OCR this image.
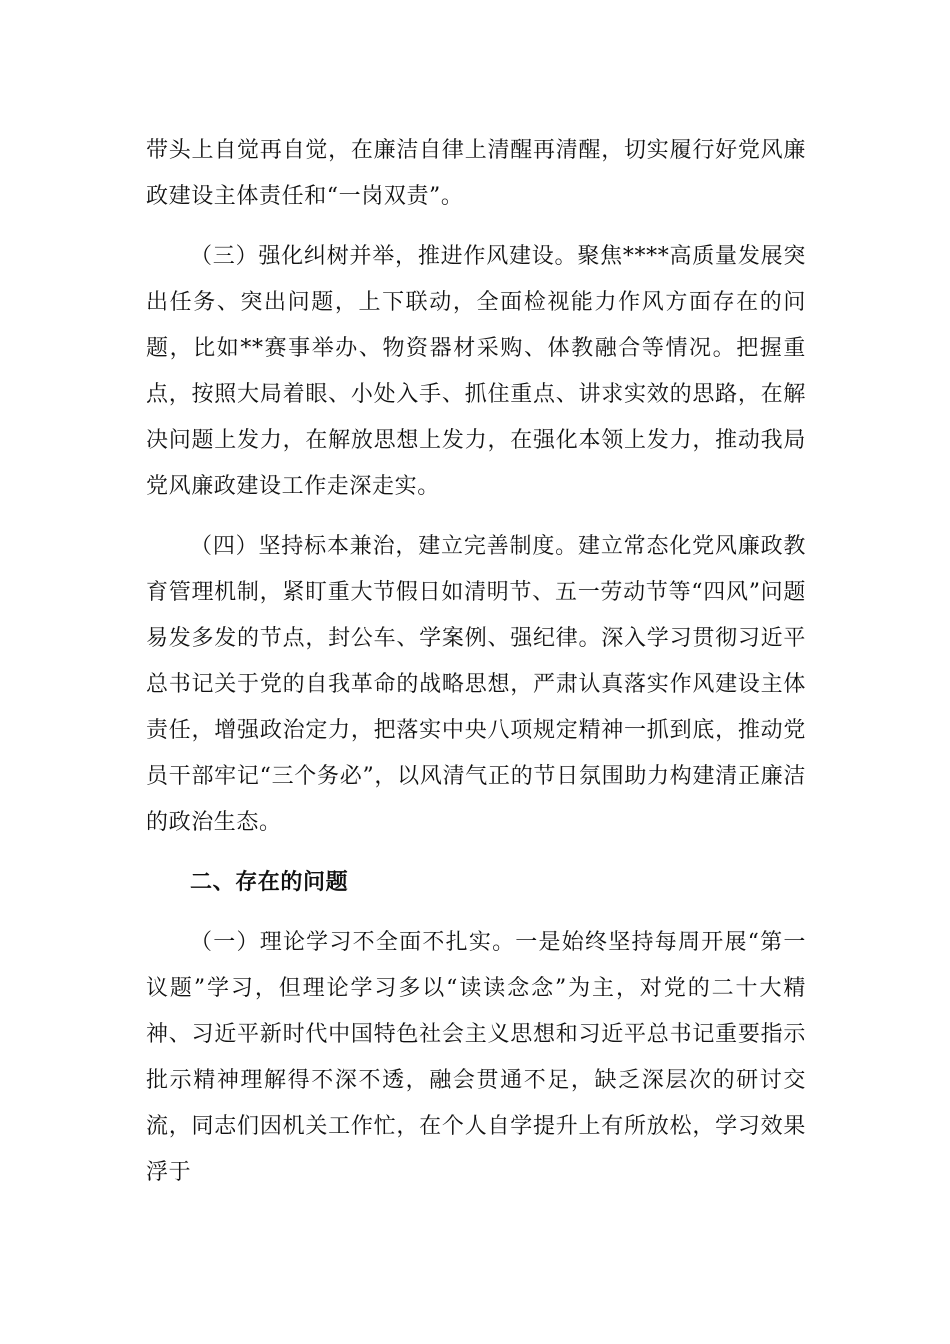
带头上自觉再自觉，在廉洁自律上清醒再清醒，切实履行好党风廉政建设主体责任和“一岗双责”。

（三）强化纠树并举，推进作风建设。聚焦****高质量发展突出任务、突出问题，上下联动，全面检视能力作风方面存在的问题，比如**赛事举办、物资器材采购、体教融合等情况。把握重点，按照大局着眼、小处入手、抓住重点、讲求实效的思路，在解决问题上发力，在解放思想上发力，在强化本领上发力，推动我局党风廉政建设工作走深走实。

（四）坚持标本兼治，建立完善制度。建立常态化党风廉政教育管理机制，紧盯重大节假日如清明节、五一劳动节等“四风”问题易发多发的节点，封公车、学案例、强纪律。深入学习贯彻习近平总书记关于党的自我革命的战略思想，严肃认真落实作风建设主体责任，增强政治定力，把落实中央八项规定精神一抓到底，推动党员干部牢记“三个务必”，以风清气正的节日氛围助力构建清正廉洁的政治生态。

二、存在的问题

（一）理论学习不全面不扎实。一是始终坚持每周开展“第一议题”学习，但理论学习多以“读读念念”为主，对党的二十大精神、习近平新时代中国特色社会主义思想和习近平总书记重要指示批示精神理解得不深不透，融会贯通不足，缺乏深层次的研讨交流，同志们因机关工作忙，在个人自学提升上有所放松，学习效果浮于
